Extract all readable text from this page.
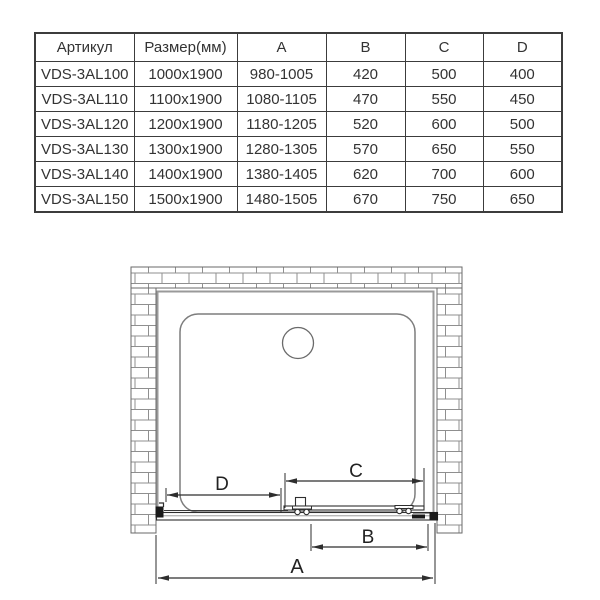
Артикул	Размер(мм)	A	B	C	D
VDS-3AL100	1000x1900	980-1005	420	500	400
VDS-3AL110	1100x1900	1080-1105	470	550	450
VDS-3AL120	1200x1900	1180-1205	520	600	500
VDS-3AL130	1300x1900	1280-1305	570	650	550
VDS-3AL140	1400x1900	1380-1405	620	700	600
VDS-3AL150	1500x1900	1480-1505	670	750	650
D
C
B
A
